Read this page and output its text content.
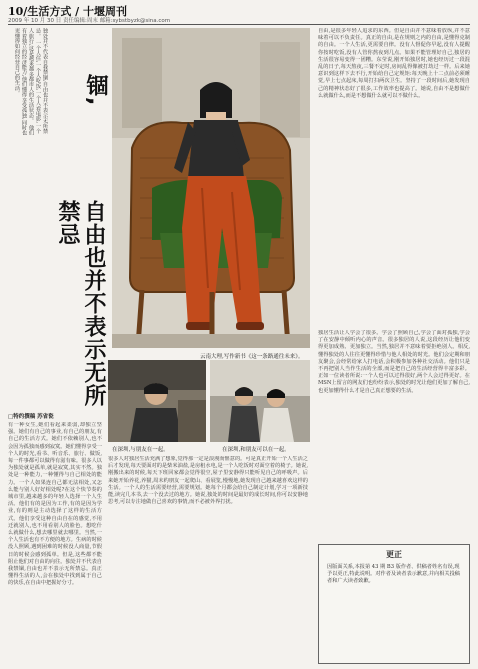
10/生活方式 / 十堰周刊
2009 年 10 月 30 日 责任编辑:周末 邮箱:sybstbyzk@sina.com
独处并不代表自我禁锢,自由也并不表示无所禁忌。 一个人住,一个人吃饭,一个人看电影,一个人旅行,这是越来越多都市人的生活状态。 他们有着独立的经济能力,他们懂得享受孤独,同时也更懂得如何经营自己的生活。	锢,
自由也并不表示无所禁忌
云南大理,写作新书《这一条路通往未来》。
□特约撰稿 苏省瓷
有一种女生,她们看起来柔弱,却独立坚强。她们有自己的事业,有自己的朋友,有自己的生活方式。她们不依赖别人,也不会因为孤独而感到寂寞。她们懂得享受一个人的时光,看书、听音乐、旅行、做饭,每一件事都可以做得有滋有味。很多人以为独处就是孤单,就是寂寞,其实不然。独处是一种能力,一种懂得与自己相处的能力。一个人如果连自己都无法相处,又怎么能与别人好好相处呢?在这个快节奏的城市里,越来越多的年轻人选择一个人生活。他们有的是因为工作,有的是因为学业,有的则是主动选择了这样的生活方式。他们享受这种自由自在的感觉,不用迁就别人,也不用看别人的脸色。想吃什么就做什么,想去哪里就去哪里。当然,一个人生活也有不方便的地方。生病的时候没人照顾,遇到困难的时候没人商量,节假日的时候会感到孤单。但是,这些都不能阻止他们对自由的向往。独处并不代表自我禁锢,自由也并不表示无所禁忌。真正懂得生活的人,会在独处中找到属于自己的快乐,在自由中把握好分寸。
在深圳,与朋友在一起。	在深圳,和朋友可以在一起。
很多人对独居生活充满了想象,觉得那一定是浪漫而惬意的。可是真正开始一个人生活之后才发现,每天要面对的是柴米油盐,是房租水电,是一个人吃饭时对面空着的椅子。她说,刚搬出来的时候,每天下班回家都会觉得很空,屋子里安静得只能听见自己的呼吸声。后来她开始养花,养猫,周末约朋友一起爬山、看展览,慢慢地,她发现自己越来越喜欢这样的生活。一个人的生活需要经营,需要规划。她每个月都会给自己制定计划,学习一项新技能,读完几本书,去一个没去过的地方。她说,独处的时间是最好的成长时间,你可以安静地思考,可以专注地做自己喜欢的事情,而不必被外界打扰。
自由,是很多年轻人追求的东西。但是自由并不意味着放纵,并不意味着可以不负责任。真正的自由,是在规则之内的自由,是懂得克制的自由。一个人生活,更需要自律。没有人督促你早起,没有人提醒你按时吃饭,没有人管你熬夜到几点。如果不能管理好自己,独居的生活很容易变得一团糟。东莹说,刚开始独居时,她也经历过一段混乱的日子,每天熬夜,三餐不定时,房间乱得像被打劫过一样。后来她意识到这样下去不行,开始给自己定规矩:每天晚上十二点前必须睡觉,早上七点起床,每周打扫两次卫生。坚持了一段时间后,她发现自己的精神状态好了很多,工作效率也提高了。她说,自由不是想做什么就做什么,而是不想做什么就可以不做什么。
独居生活让人学会了很多。学会了照顾自己,学会了面对孤独,学会了在安静中倾听内心的声音。很多独居的人说,这段经历让他们变得更加成熟、更加独立。当然,独居并不意味着要拒绝别人。相反,懂得独处的人往往更懂得珍惜与他人相处的时光。他们会定期和朋友聚会,会经常给家人打电话,会积极参加各种社交活动。他们只是不再把别人当作生活的全部,而是把自己的生活经营得丰富多彩。正如一位读者所说:一个人也可以过得很好,两个人会过得更好。在MSN上留言的网友们也纷纷表示,独处的时光让他们更加了解自己,也更加懂得什么才是自己真正想要的生活。
更正
因版面关系,本报第 43 期 B3 版作者、供稿者姓名有误,现予以更正,特此说明。对作者及读者表示歉意,并向相关投稿者和广大读者致歉。
